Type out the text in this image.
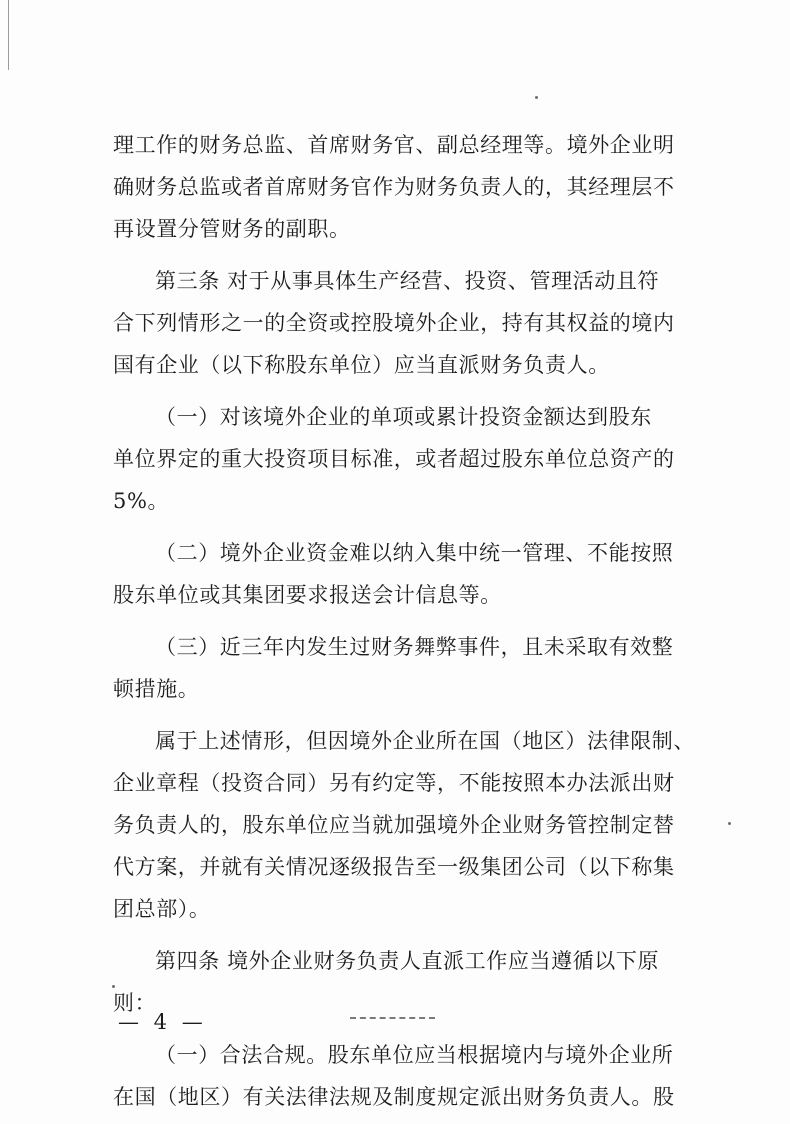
理工作的财务总监、首席财务官、副总经理等。境外企业明
确财务总监或者首席财务官作为财务负责人的，其经理层不
再设置分管财务的副职。
第三条 对于从事具体生产经营、投资、管理活动且符
合下列情形之一的全资或控股境外企业，持有其权益的境内
国有企业（以下称股东单位）应当直派财务负责人。
（一）对该境外企业的单项或累计投资金额达到股东
单位界定的重大投资项目标准，或者超过股东单位总资产的
5%。
（二）境外企业资金难以纳入集中统一管理、不能按照
股东单位或其集团要求报送会计信息等。
（三）近三年内发生过财务舞弊事件，且未采取有效整
顿措施。
属于上述情形，但因境外企业所在国（地区）法律限制、
企业章程（投资合同）另有约定等，不能按照本办法派出财
务负责人的，股东单位应当就加强境外企业财务管控制定替
代方案，并就有关情况逐级报告至一级集团公司（以下称集
团总部）。
第四条 境外企业财务负责人直派工作应当遵循以下原
则：
（一）合法合规。股东单位应当根据境内与境外企业所
在国（地区）有关法律法规及制度规定派出财务负责人。股
— 4 —
